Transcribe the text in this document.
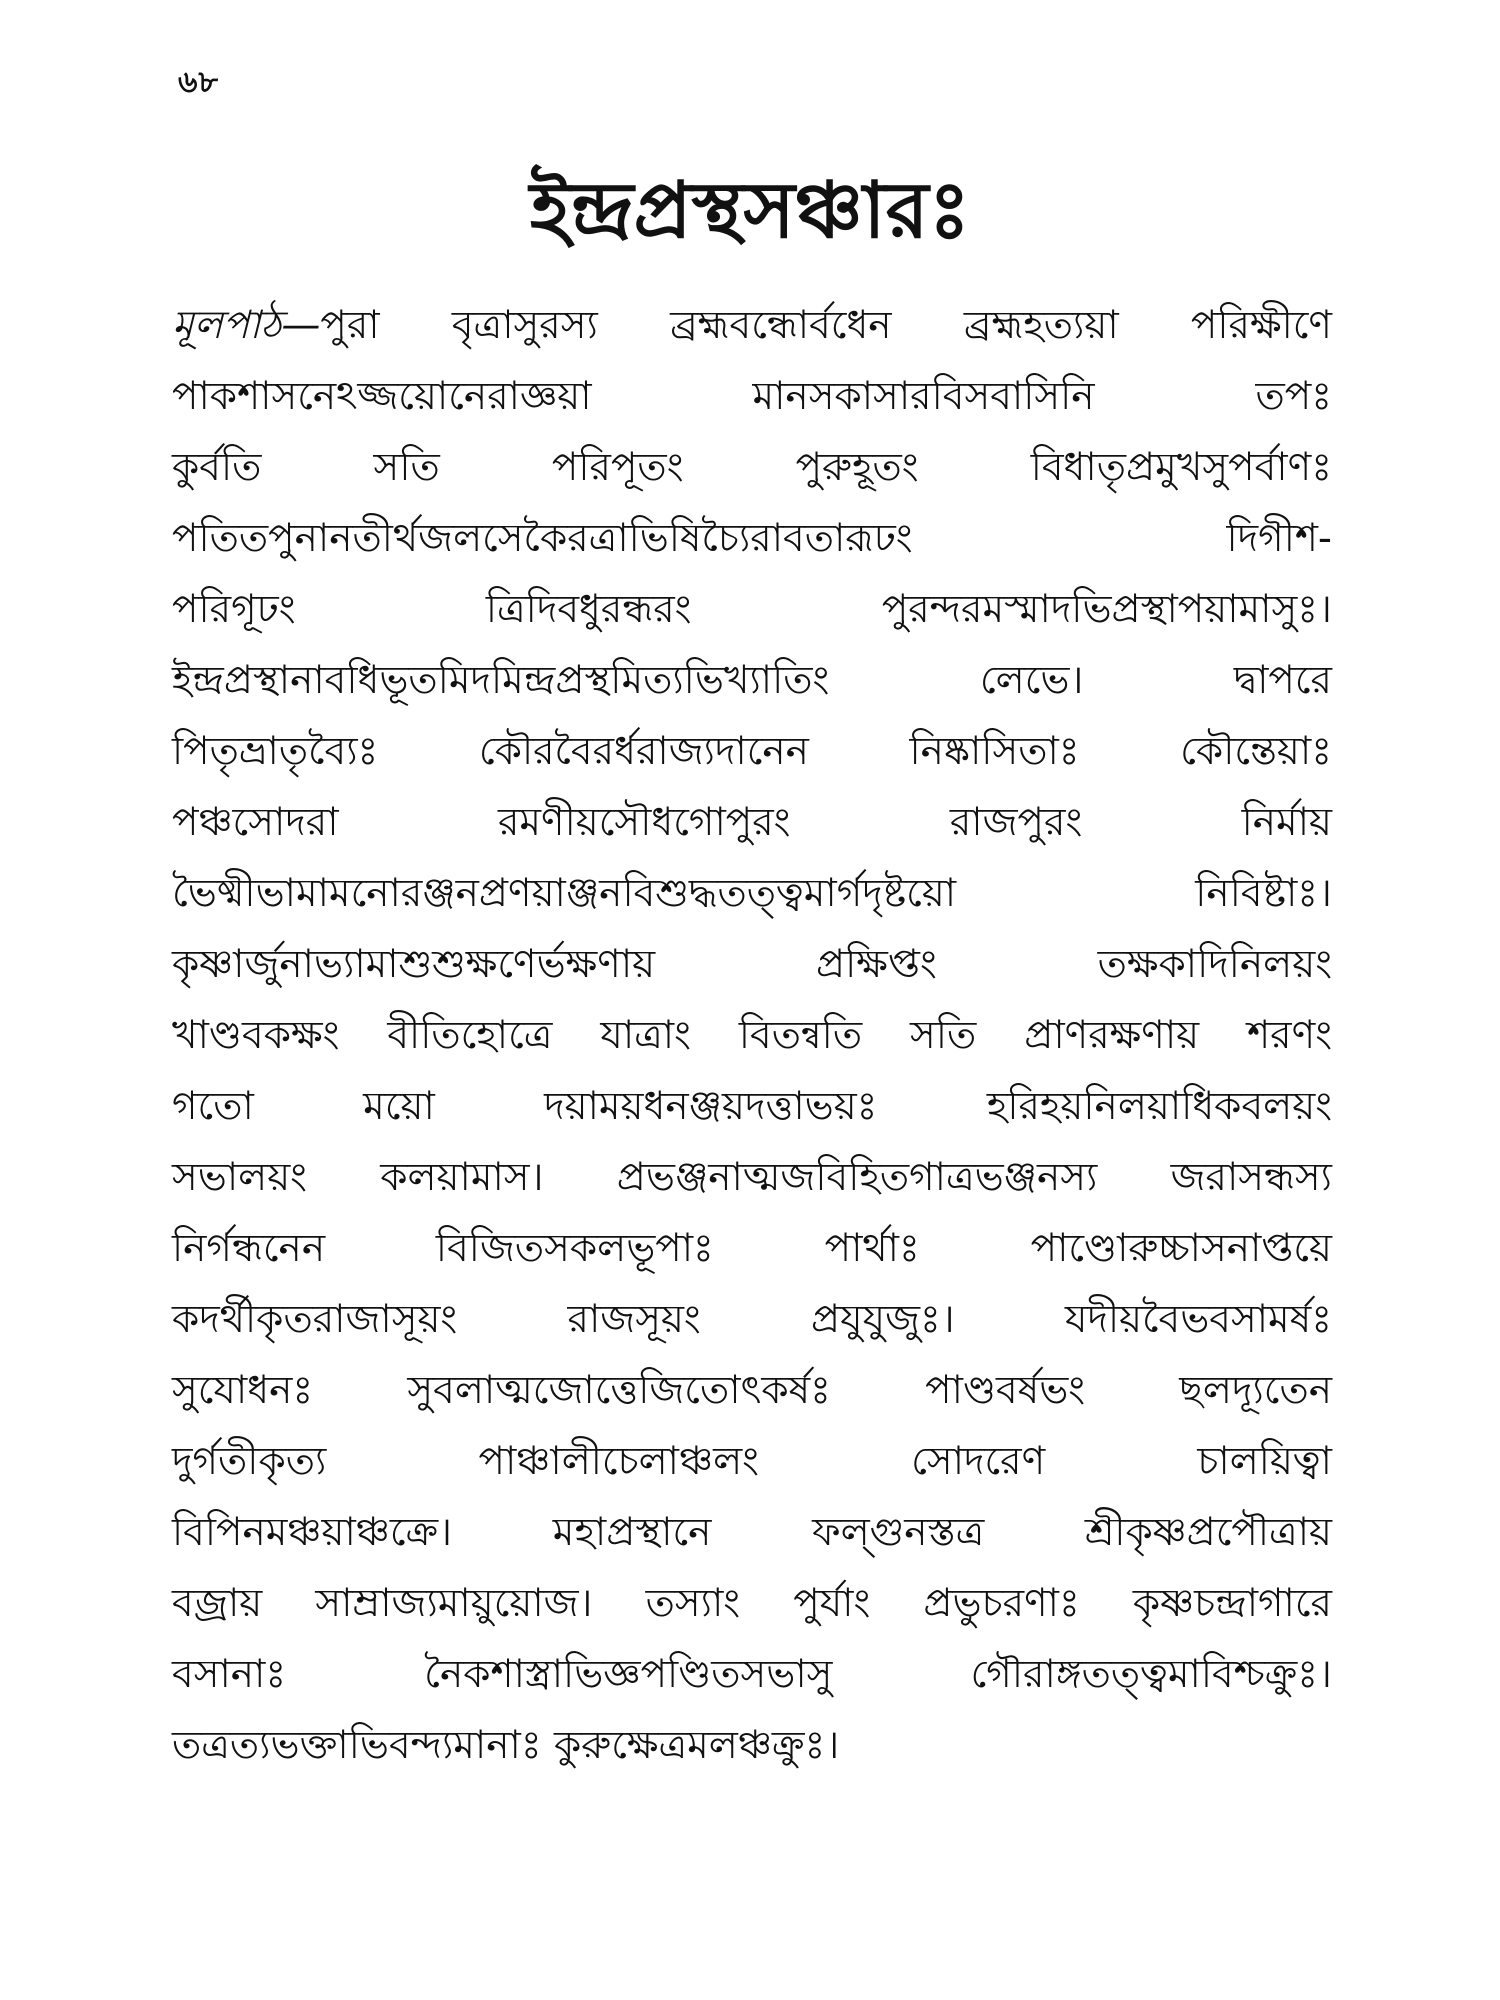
৬৮
ইন্দ্রপ্রস্থসঞ্চারঃ
মূলপাঠ—পুরা বৃত্রাসুরস্য ব্রহ্মবন্ধোর্বধেন ব্রহ্মহত্যয়া পরিক্ষীণে
পাকশাসনেঽজ্জয়োনেরাজ্ঞয়া মানসকাসারবিসবাসিনি তপঃ
কুর্বতি সতি পরিপূতং পুরুহূতং বিধাতৃপ্রমুখসুপর্বাণঃ
পতিতপুনানতীর্থজলসেকৈরত্রাভিষিচ্যৈরাবতারূঢং দিগীশ-
পরিগূঢং ত্রিদিবধুরন্ধরং পুরন্দরমস্মাদভিপ্রস্থাপয়ামাসুঃ।
ইন্দ্রপ্রস্থানাবধিভূতমিদমিন্দ্রপ্রস্থমিত্যভিখ্যাতিং লেভে। দ্বাপরে
পিতৃভ্রাতৃব্যৈঃ কৌরবৈরর্ধরাজ্যদানেন নিষ্কাসিতাঃ কৌন্তেয়াঃ
পঞ্চসোদরা রমণীয়সৌধগোপুরং রাজপুরং নির্মায়
ভৈষ্মীভামামনোরঞ্জনপ্রণয়াঞ্জনবিশুদ্ধতত্ত্বমার্গদৃষ্টয়ো নিবিষ্টাঃ।
কৃষ্ণার্জুনাভ্যামাশুশুক্ষণের্ভক্ষণায় প্রক্ষিপ্তং তক্ষকাদিনিলয়ং
খাণ্ডবকক্ষং বীতিহোত্রে যাত্রাং বিতন্বতি সতি প্রাণরক্ষণায় শরণং
গতো ময়ো দয়াময়ধনঞ্জয়দত্তাভয়ঃ হরিহয়নিলয়াধিকবলয়ং
সভালয়ং কলয়ামাস। প্রভঞ্জনাত্মজবিহিতগাত্রভঞ্জনস্য জরাসন্ধস্য
নির্গন্ধনেন বিজিতসকলভূপাঃ পার্থাঃ পাণ্ডোরুচ্চাসনাপ্তয়ে
কদর্থীকৃতরাজাসূয়ং রাজসূয়ং প্রযুযুজুঃ। যদীয়বৈভবসামর্ষঃ
সুযোধনঃ সুবলাত্মজোত্তেজিতোৎকর্ষঃ পাণ্ডবর্ষভং ছলদ্যূতেন
দুর্গতীকৃত্য পাঞ্চালীচেলাঞ্চলং সোদরেণ চালয়িত্বা
বিপিনমঞ্চয়াঞ্চক্রে। মহাপ্রস্থানে ফল্গুনস্তত্র শ্রীকৃষ্ণপ্রপৌত্রায়
বজ্রায় সাম্রাজ্যমায়ুয়োজ। তস্যাং পুর্যাং প্রভুচরণাঃ কৃষ্ণচন্দ্রাগারে
বসানাঃ নৈকশাস্ত্রাভিজ্ঞপণ্ডিতসভাসু গৌরাঙ্গতত্ত্বমাবিশ্চক্রুঃ।
তত্রত্যভক্তাভিবন্দ্যমানাঃ কুরুক্ষেত্রমলঞ্চক্রুঃ।
